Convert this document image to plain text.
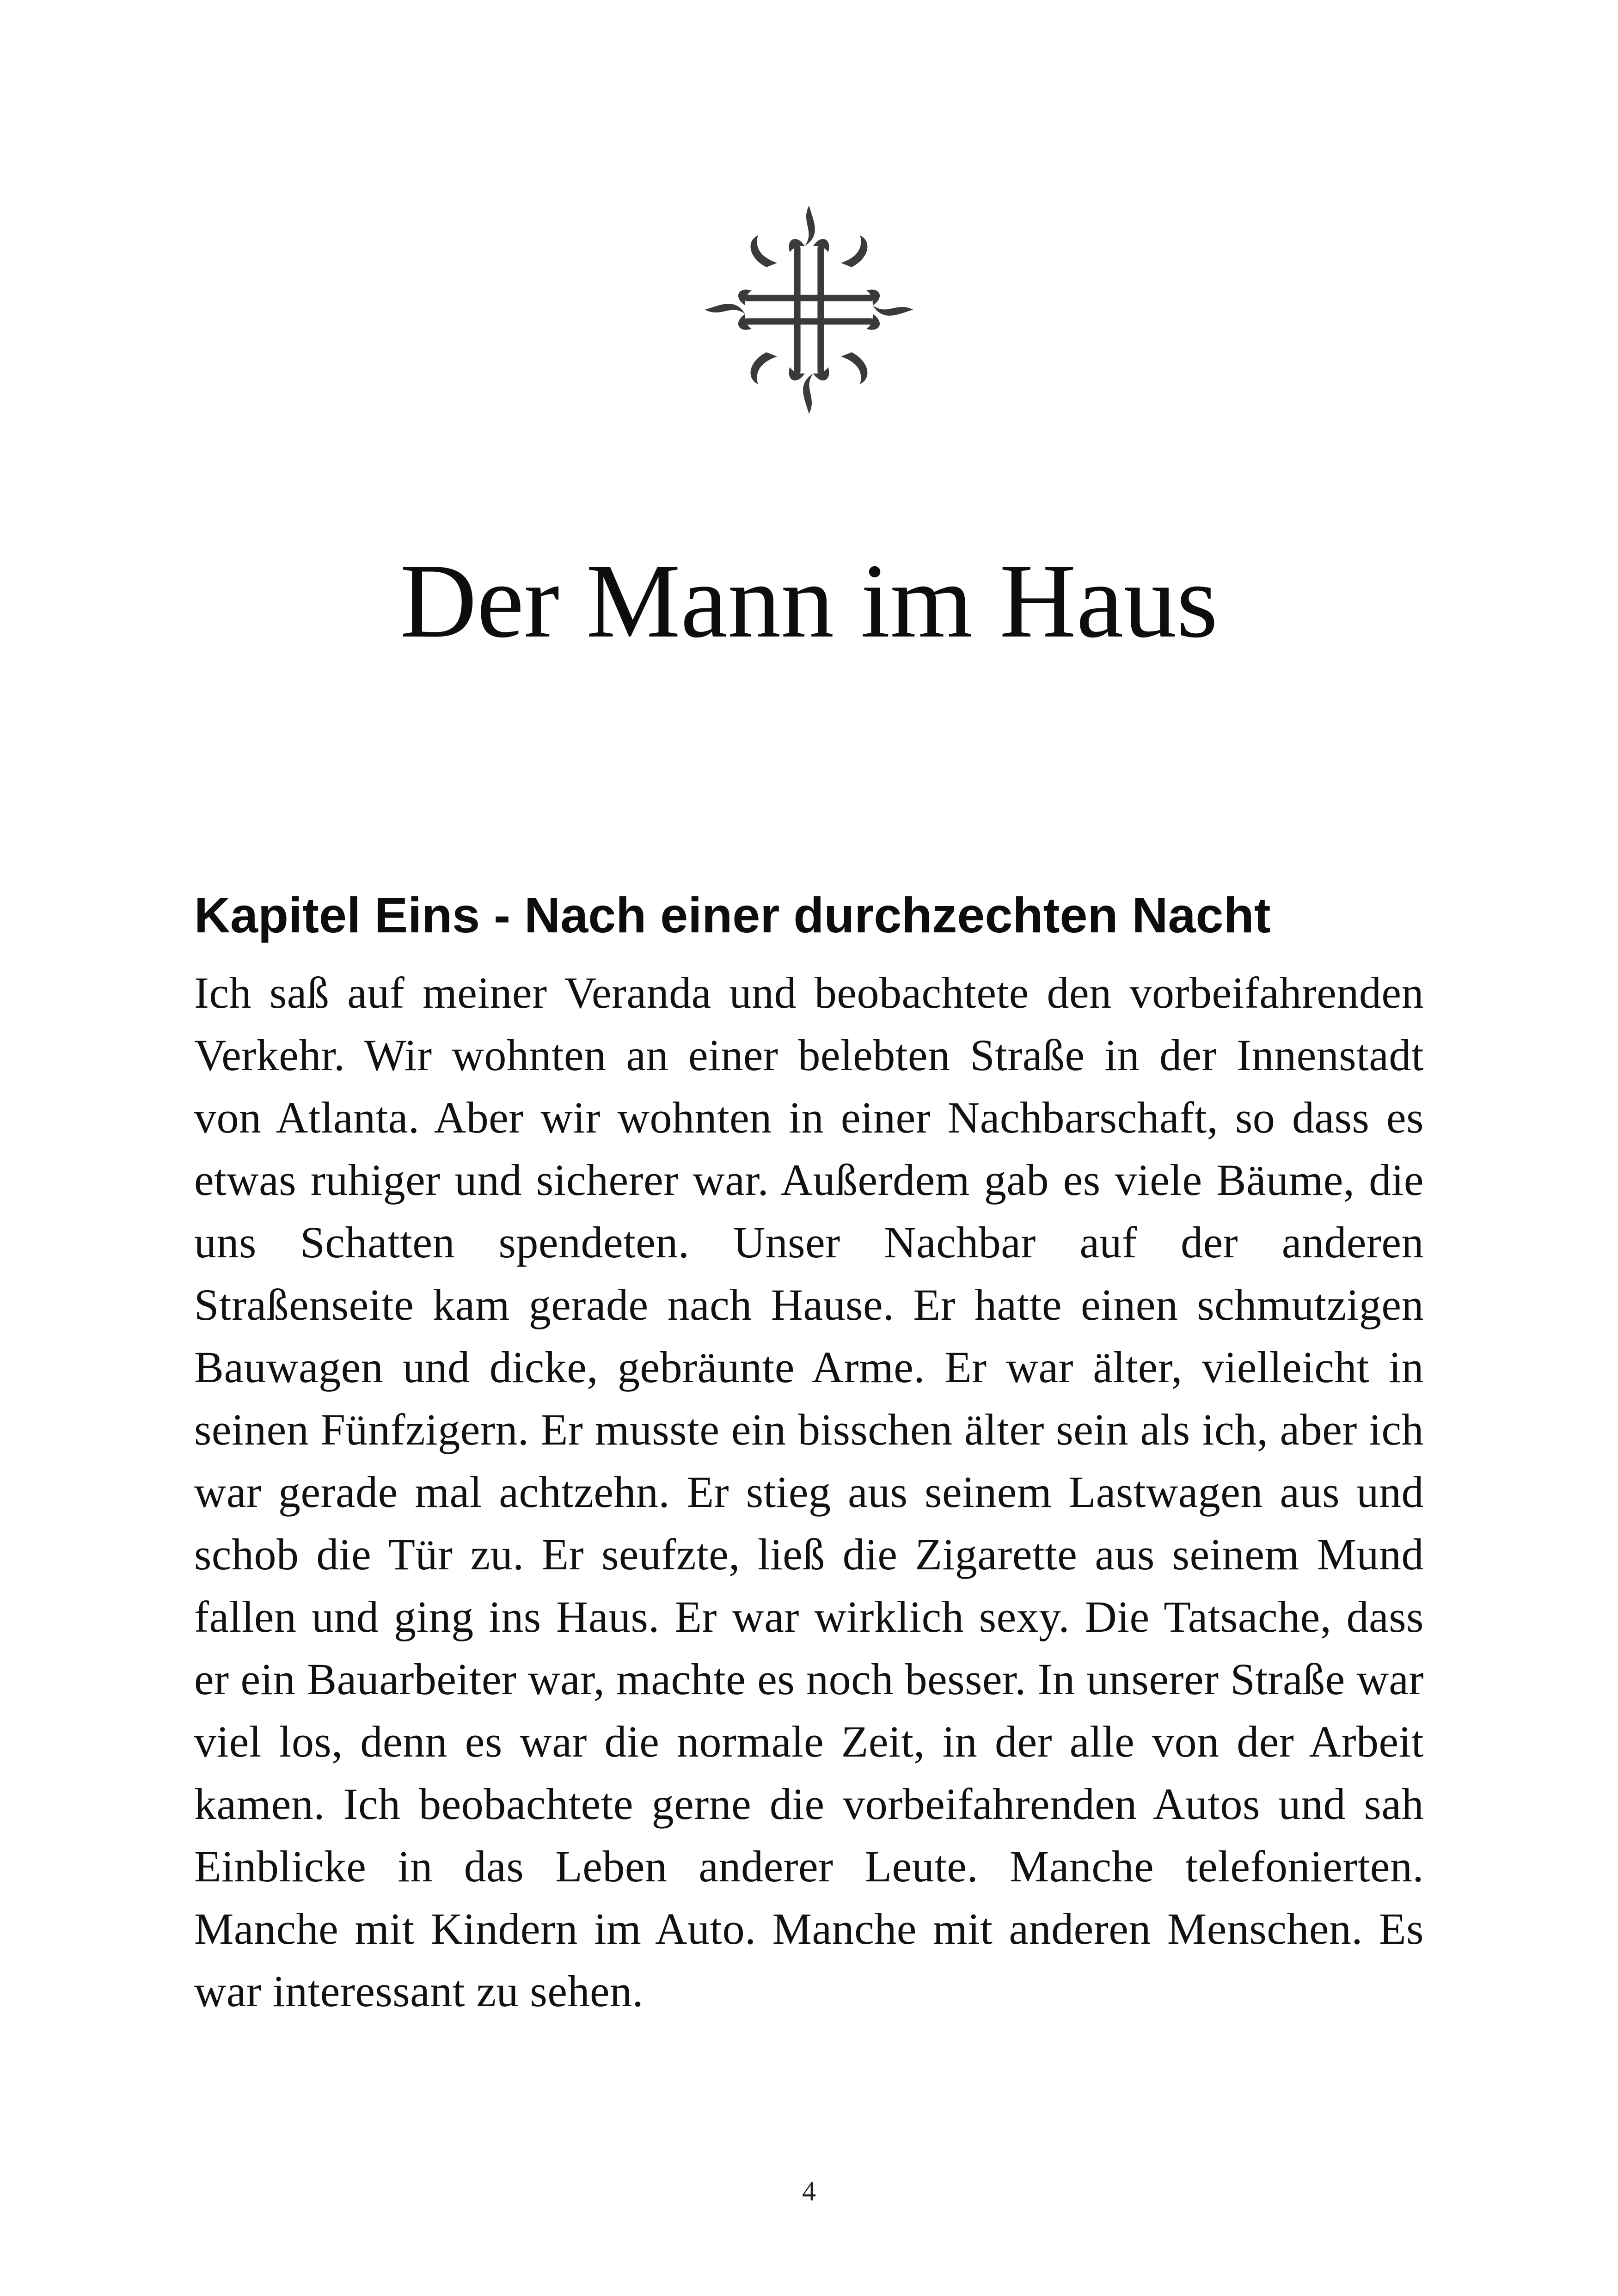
Der Mann im Haus
Kapitel Eins - Nach einer durchzechten Nacht

Ich saß auf meiner Veranda und beobachtete den vorbeifahrenden Verkehr. Wir wohnten an einer belebten Straße in der Innenstadt von Atlanta. Aber wir wohnten in einer Nachbarschaft, so dass es etwas ruhiger und sicherer war. Außerdem gab es viele Bäume, die uns Schatten spendeten. Unser Nachbar auf der anderen Straßenseite kam gerade nach Hause. Er hatte einen schmutzigen Bauwagen und dicke, gebräunte Arme. Er war älter, vielleicht in seinen Fünfzigern. Er musste ein bisschen älter sein als ich, aber ich war gerade mal achtzehn. Er stieg aus seinem Lastwagen aus und schob die Tür zu. Er seufzte, ließ die Zigarette aus seinem Mund fallen und ging ins Haus. Er war wirklich sexy. Die Tatsache, dass er ein Bauarbeiter war, machte es noch besser. In unserer Straße war viel los, denn es war die normale Zeit, in der alle von der Arbeit kamen. Ich beobachtete gerne die vorbeifahrenden Autos und sah Einblicke in das Leben anderer Leute. Manche telefonierten. Manche mit Kindern im Auto. Manche mit anderen Menschen. Es war interessant zu sehen.

4
